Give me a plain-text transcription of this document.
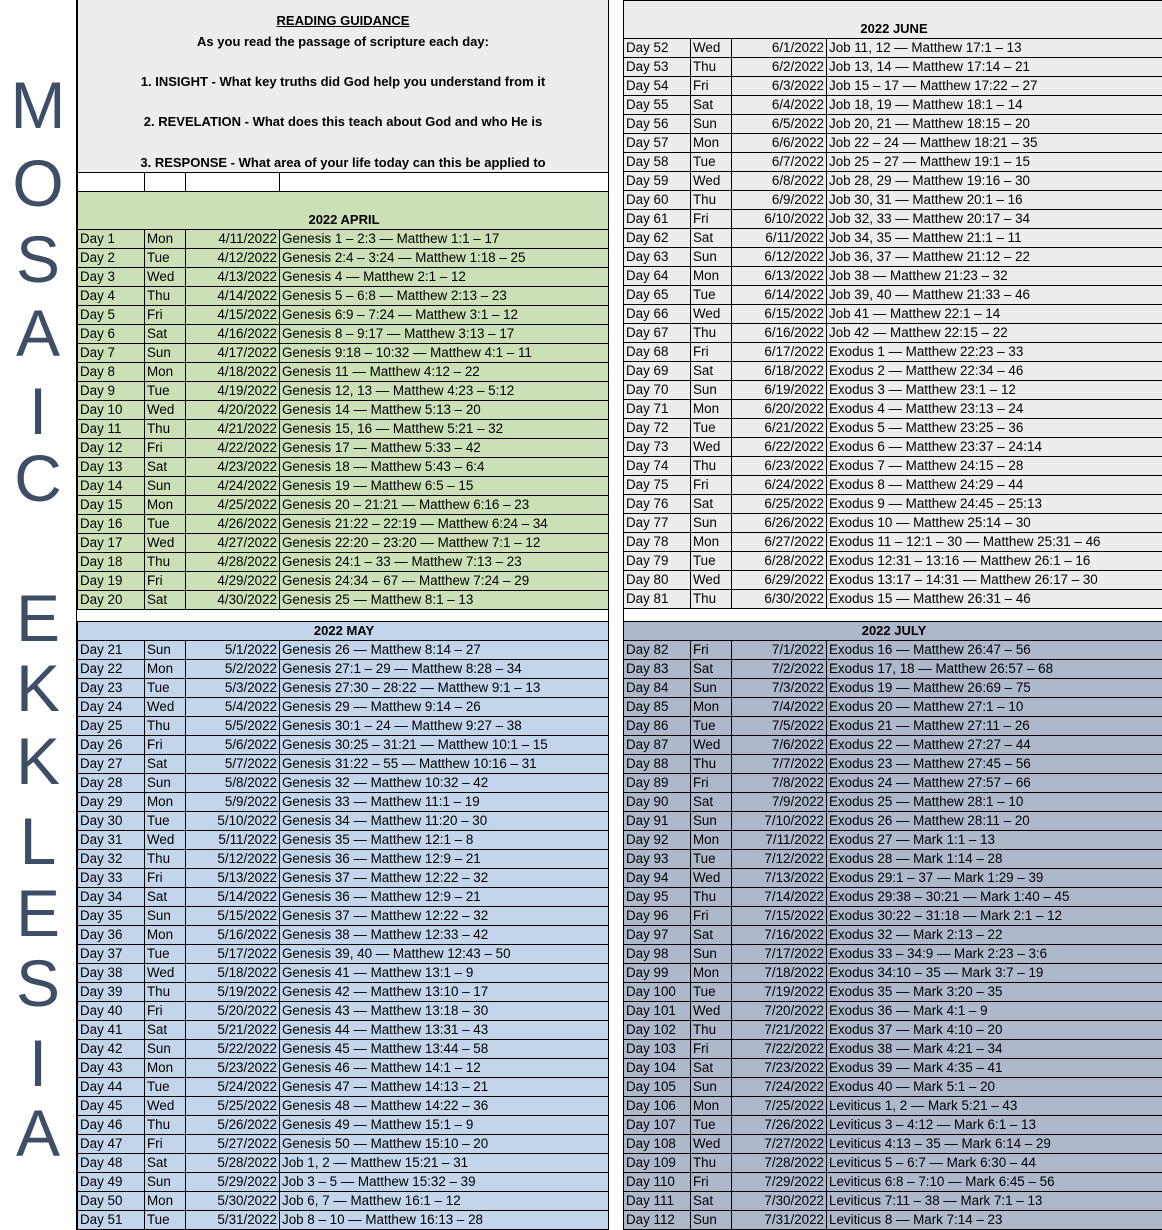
M
O
S
A
I
C
E
K
K
L
E
S
I
A
READING GUIDANCE
As you read the passage of scripture each day:
1. INSIGHT - What key truths did God help you understand from it
2. REVELATION - What does this teach about God and who He is
3. RESPONSE - What area of your life today can this be applied to

2022 APRIL			
Day 1	Mon	4/11/2022	Genesis 1 – 2:3 — Matthew 1:1 – 17
Day 2	Tue	4/12/2022	Genesis 2:4 – 3:24 — Matthew 1:18 – 25
Day 3	Wed	4/13/2022	Genesis 4 — Matthew 2:1 – 12
Day 4	Thu	4/14/2022	Genesis 5 – 6:8 — Matthew 2:13 – 23
Day 5	Fri	4/15/2022	Genesis 6:9 – 7:24 — Matthew 3:1 – 12
Day 6	Sat	4/16/2022	Genesis 8 – 9:17 — Matthew 3:13 – 17
Day 7	Sun	4/17/2022	Genesis 9:18 – 10:32 — Matthew 4:1 – 11
Day 8	Mon	4/18/2022	Genesis 11 — Matthew 4:12 – 22
Day 9	Tue	4/19/2022	Genesis 12, 13 — Matthew 4:23 – 5:12
Day 10	Wed	4/20/2022	Genesis 14 — Matthew 5:13 – 20
Day 11	Thu	4/21/2022	Genesis 15, 16 — Matthew 5:21 – 32
Day 12	Fri	4/22/2022	Genesis 17 — Matthew 5:33 – 42
Day 13	Sat	4/23/2022	Genesis 18 — Matthew 5:43 – 6:4
Day 14	Sun	4/24/2022	Genesis 19 — Matthew 6:5 – 15
Day 15	Mon	4/25/2022	Genesis 20 – 21:21 — Matthew 6:16 – 23
Day 16	Tue	4/26/2022	Genesis 21:22 – 22:19 — Matthew 6:24 – 34
Day 17	Wed	4/27/2022	Genesis 22:20 – 23:20 — Matthew 7:1 – 12
Day 18	Thu	4/28/2022	Genesis 24:1 – 33 — Matthew 7:13 – 23
Day 19	Fri	4/29/2022	Genesis 24:34 – 67 — Matthew 7:24 – 29
Day 20	Sat	4/30/2022	Genesis 25 — Matthew 8:1 – 13
2022 MAY			
Day 21	Sun	5/1/2022	Genesis 26 — Matthew 8:14 – 27
Day 22	Mon	5/2/2022	Genesis 27:1 – 29 — Matthew 8:28 – 34
Day 23	Tue	5/3/2022	Genesis 27:30 – 28:22 — Matthew 9:1 – 13
Day 24	Wed	5/4/2022	Genesis 29 — Matthew 9:14 – 26
Day 25	Thu	5/5/2022	Genesis 30:1 – 24 — Matthew 9:27 – 38
Day 26	Fri	5/6/2022	Genesis 30:25 – 31:21 — Matthew 10:1 – 15
Day 27	Sat	5/7/2022	Genesis 31:22 – 55 — Matthew 10:16 – 31
Day 28	Sun	5/8/2022	Genesis 32 — Matthew 10:32 – 42
Day 29	Mon	5/9/2022	Genesis 33 — Matthew 11:1 – 19
Day 30	Tue	5/10/2022	Genesis 34 — Matthew 11:20 – 30
Day 31	Wed	5/11/2022	Genesis 35 — Matthew 12:1 – 8
Day 32	Thu	5/12/2022	Genesis 36 — Matthew 12:9 – 21
Day 33	Fri	5/13/2022	Genesis 37 — Matthew 12:22 – 32
Day 34	Sat	5/14/2022	Genesis 36 — Matthew 12:9 – 21
Day 35	Sun	5/15/2022	Genesis 37 — Matthew 12:22 – 32
Day 36	Mon	5/16/2022	Genesis 38 — Matthew 12:33 – 42
Day 37	Tue	5/17/2022	Genesis 39, 40 — Matthew 12:43 – 50
Day 38	Wed	5/18/2022	Genesis 41 — Matthew 13:1 – 9
Day 39	Thu	5/19/2022	Genesis 42 — Matthew 13:10 – 17
Day 40	Fri	5/20/2022	Genesis 43 — Matthew 13:18 – 30
Day 41	Sat	5/21/2022	Genesis 44 — Matthew 13:31 – 43
Day 42	Sun	5/22/2022	Genesis 45 — Matthew 13:44 – 58
Day 43	Mon	5/23/2022	Genesis 46 — Matthew 14:1 – 12
Day 44	Tue	5/24/2022	Genesis 47 — Matthew 14:13 – 21
Day 45	Wed	5/25/2022	Genesis 48 — Matthew 14:22 – 36
Day 46	Thu	5/26/2022	Genesis 49 — Matthew 15:1 – 9
Day 47	Fri	5/27/2022	Genesis 50 — Matthew 15:10 – 20
Day 48	Sat	5/28/2022	Job 1, 2 — Matthew 15:21 – 31
Day 49	Sun	5/29/2022	Job 3 – 5 — Matthew 15:32 – 39
Day 50	Mon	5/30/2022	Job 6, 7 — Matthew 16:1 – 12
Day 51	Tue	5/31/2022	Job 8 – 10 — Matthew 16:13 – 28
2022 JUNE			
Day 52	Wed	6/1/2022	Job 11, 12 — Matthew 17:1 – 13
Day 53	Thu	6/2/2022	Job 13, 14 — Matthew 17:14 – 21
Day 54	Fri	6/3/2022	Job 15 – 17 — Matthew 17:22 – 27
Day 55	Sat	6/4/2022	Job 18, 19 — Matthew 18:1 – 14
Day 56	Sun	6/5/2022	Job 20, 21 — Matthew 18:15 – 20
Day 57	Mon	6/6/2022	Job 22 – 24 — Matthew 18:21 – 35
Day 58	Tue	6/7/2022	Job 25 – 27 — Matthew 19:1 – 15
Day 59	Wed	6/8/2022	Job 28, 29 — Matthew 19:16 – 30
Day 60	Thu	6/9/2022	Job 30, 31 — Matthew 20:1 – 16
Day 61	Fri	6/10/2022	Job 32, 33 — Matthew 20:17 – 34
Day 62	Sat	6/11/2022	Job 34, 35 — Matthew 21:1 – 11
Day 63	Sun	6/12/2022	Job 36, 37 — Matthew 21:12 – 22
Day 64	Mon	6/13/2022	Job 38 — Matthew 21:23 – 32
Day 65	Tue	6/14/2022	Job 39, 40 — Matthew 21:33 – 46
Day 66	Wed	6/15/2022	Job 41 — Matthew 22:1 – 14
Day 67	Thu	6/16/2022	Job 42 — Matthew 22:15 – 22
Day 68	Fri	6/17/2022	Exodus 1 — Matthew 22:23 – 33
Day 69	Sat	6/18/2022	Exodus 2 — Matthew 22:34 – 46
Day 70	Sun	6/19/2022	Exodus 3 — Matthew 23:1 – 12
Day 71	Mon	6/20/2022	Exodus 4 — Matthew 23:13 – 24
Day 72	Tue	6/21/2022	Exodus 5 — Matthew 23:25 – 36
Day 73	Wed	6/22/2022	Exodus 6 — Matthew 23:37 – 24:14
Day 74	Thu	6/23/2022	Exodus 7 — Matthew 24:15 – 28
Day 75	Fri	6/24/2022	Exodus 8 — Matthew 24:29 – 44
Day 76	Sat	6/25/2022	Exodus 9 — Matthew 24:45 – 25:13
Day 77	Sun	6/26/2022	Exodus 10 — Matthew 25:14 – 30
Day 78	Mon	6/27/2022	Exodus 11 – 12:1 – 30 — Matthew 25:31 – 46
Day 79	Tue	6/28/2022	Exodus 12:31 – 13:16 — Matthew 26:1 – 16
Day 80	Wed	6/29/2022	Exodus 13:17 – 14:31 — Matthew 26:17 – 30
Day 81	Thu	6/30/2022	Exodus 15 — Matthew 26:31 – 46
2022 JULY			
Day 82	Fri	7/1/2022	Exodus 16 — Matthew 26:47 – 56
Day 83	Sat	7/2/2022	Exodus 17, 18 — Matthew 26:57 – 68
Day 84	Sun	7/3/2022	Exodus 19 — Matthew 26:69 – 75
Day 85	Mon	7/4/2022	Exodus 20 — Matthew 27:1 – 10
Day 86	Tue	7/5/2022	Exodus 21 — Matthew 27:11 – 26
Day 87	Wed	7/6/2022	Exodus 22 — Matthew 27:27 – 44
Day 88	Thu	7/7/2022	Exodus 23 — Matthew 27:45 – 56
Day 89	Fri	7/8/2022	Exodus 24 — Matthew 27:57 – 66
Day 90	Sat	7/9/2022	Exodus 25 — Matthew 28:1 – 10
Day 91	Sun	7/10/2022	Exodus 26 — Matthew 28:11 – 20
Day 92	Mon	7/11/2022	Exodus 27 — Mark 1:1 – 13
Day 93	Tue	7/12/2022	Exodus 28 — Mark 1:14 – 28
Day 94	Wed	7/13/2022	Exodus 29:1 – 37 — Mark 1:29 – 39
Day 95	Thu	7/14/2022	Exodus 29:38 – 30:21 — Mark 1:40 – 45
Day 96	Fri	7/15/2022	Exodus 30:22 – 31:18 — Mark 2:1 – 12
Day 97	Sat	7/16/2022	Exodus 32 — Mark 2:13 – 22
Day 98	Sun	7/17/2022	Exodus 33 – 34:9 — Mark 2:23 – 3:6
Day 99	Mon	7/18/2022	Exodus 34:10 – 35 — Mark 3:7 – 19
Day 100	Tue	7/19/2022	Exodus 35 — Mark 3:20 – 35
Day 101	Wed	7/20/2022	Exodus 36 — Mark 4:1 – 9
Day 102	Thu	7/21/2022	Exodus 37 — Mark 4:10 – 20
Day 103	Fri	7/22/2022	Exodus 38 — Mark 4:21 – 34
Day 104	Sat	7/23/2022	Exodus 39 — Mark 4:35 – 41
Day 105	Sun	7/24/2022	Exodus 40 — Mark 5:1 – 20
Day 106	Mon	7/25/2022	Leviticus 1, 2 — Mark 5:21 – 43
Day 107	Tue	7/26/2022	Leviticus 3 – 4:12 — Mark 6:1 – 13
Day 108	Wed	7/27/2022	Leviticus 4:13 – 35 — Mark 6:14 – 29
Day 109	Thu	7/28/2022	Leviticus 5 – 6:7 — Mark 6:30 – 44
Day 110	Fri	7/29/2022	Leviticus 6:8 – 7:10 — Mark 6:45 – 56
Day 111	Sat	7/30/2022	Leviticus 7:11 – 38 — Mark 7:1 – 13
Day 112	Sun	7/31/2022	Leviticus 8 — Mark 7:14 – 23
